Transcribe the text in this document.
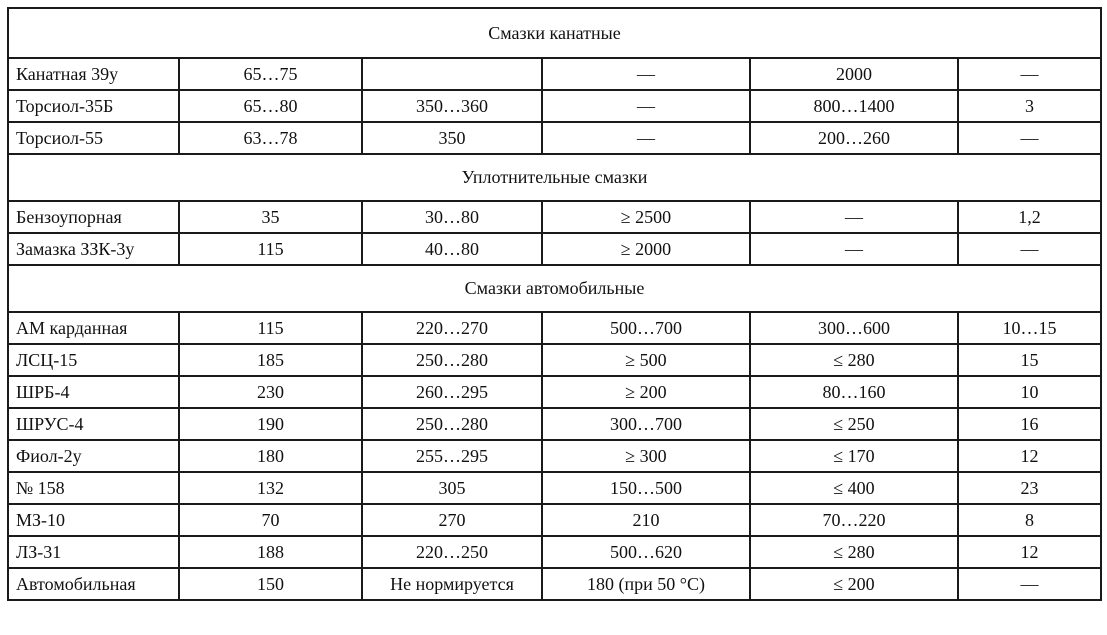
Смазки канатные					
Канатная 39у	65…75		—	2000	—
Торсиол-35Б	65…80	350…360	—	800…1400	3
Торсиол-55	63…78	350	—	200…260	—
Уплотнительные смазки					
Бензоупорная	35	30…80	≥ 2500	—	1,2
Замазка ЗЗК-3у	115	40…80	≥ 2000	—	—
Смазки автомобильные					
АМ карданная	115	220…270	500…700	300…600	10…15
ЛСЦ-15	185	250…280	≥ 500	≤ 280	15
ШРБ-4	230	260…295	≥ 200	80…160	10
ШРУС-4	190	250…280	300…700	≤ 250	16
Фиол-2у	180	255…295	≥ 300	≤ 170	12
№ 158	132	305	150…500	≤ 400	23
МЗ-10	70	270	210	70…220	8
ЛЗ-31	188	220…250	500…620	≤ 280	12
Автомобильная	150	Не нормируется	180 (при 50 °С)	≤ 200	—
